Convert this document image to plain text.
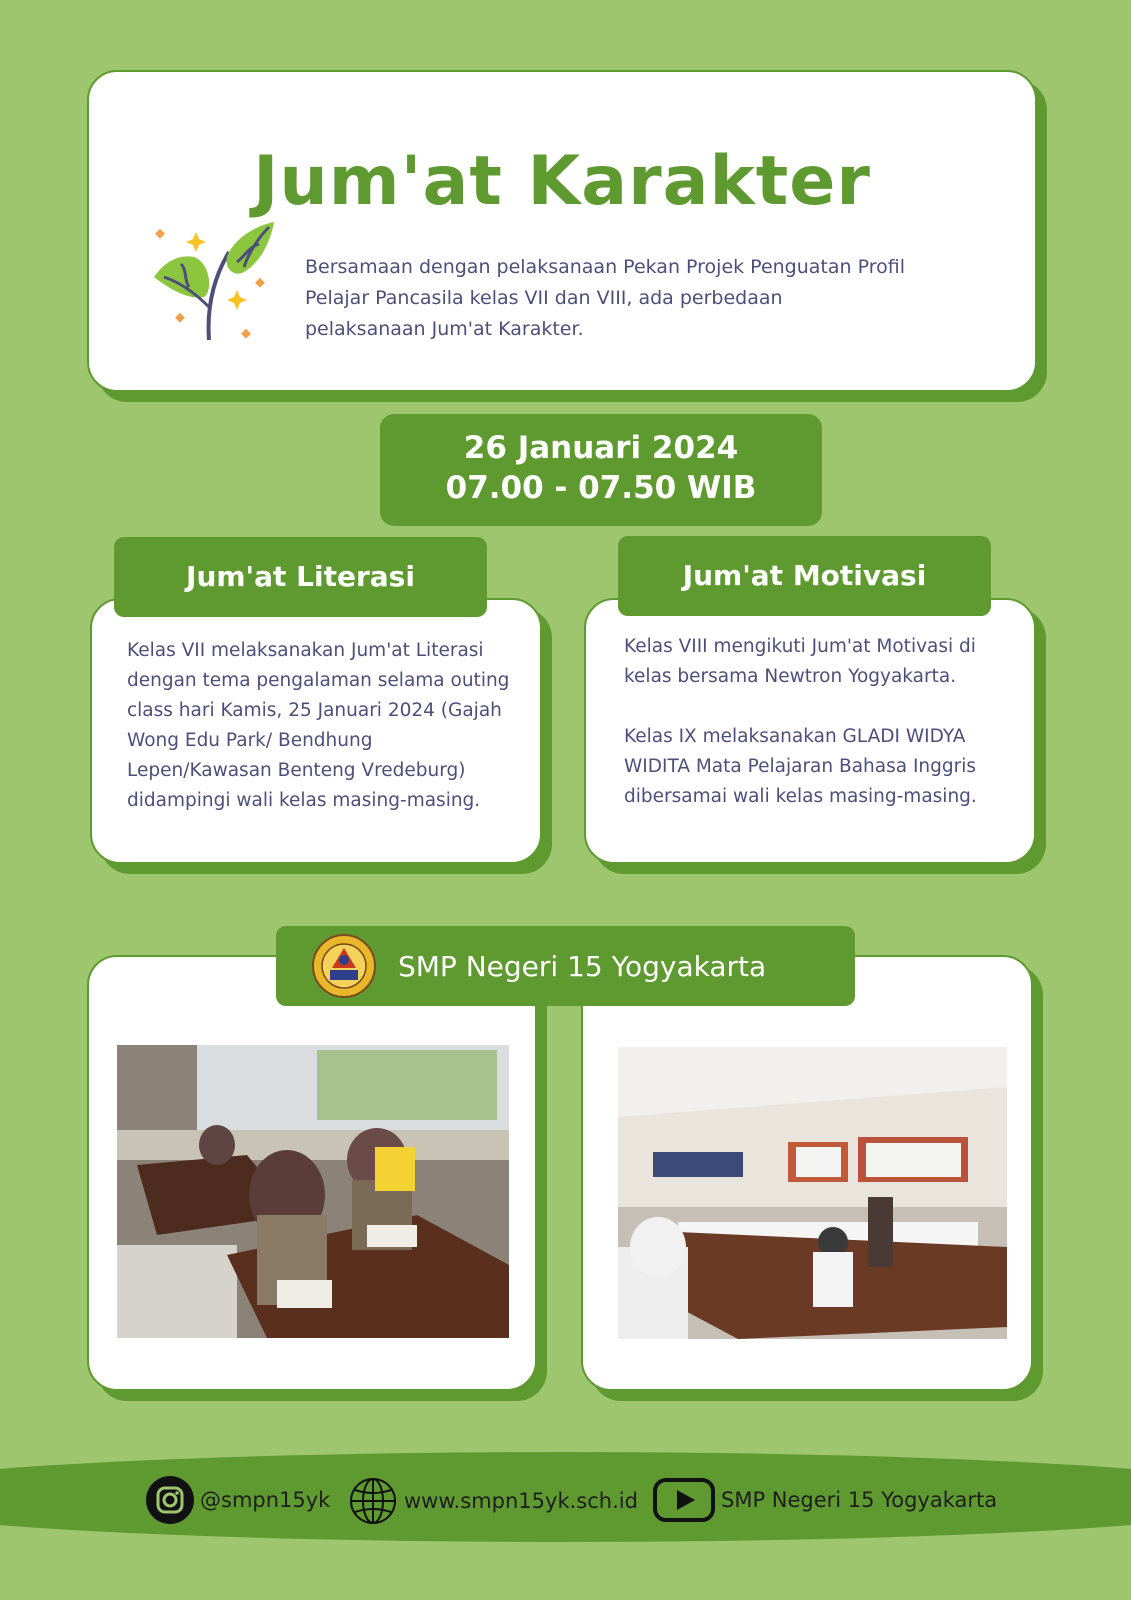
Jum'at Karakter

Bersamaan dengan pelaksanaan Pekan Projek Penguatan Profil Pelajar Pancasila kelas VII dan VIII, ada perbedaan pelaksanaan Jum'at Karakter.

26 Januari 2024
07.00 - 07.50 WIB

Kelas VII melaksanakan Jum'at Literasi dengan tema pengalaman selama outing class hari Kamis, 25 Januari 2024 (Gajah Wong Edu Park/ Bendhung Lepen/Kawasan Benteng Vredeburg) didampingi wali kelas masing-masing.

Jum'at Literasi

Kelas VIII mengikuti Jum'at Motivasi di kelas bersama Newtron Yogyakarta.

Kelas IX melaksanakan GLADI WIDYA WIDITA Mata Pelajaran Bahasa Inggris dibersamai wali kelas masing-masing.

Jum'at Motivasi
SMP Negeri 15 Yogyakarta
@smpn15yk	www.smpn15yk.sch.id	SMP Negeri 15 Yogyakarta
